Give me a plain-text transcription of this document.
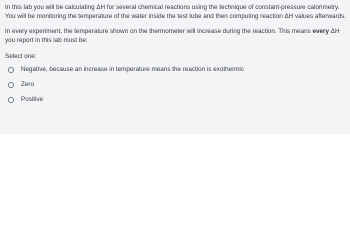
In this lab you will be calculating ΔH for several chemical reactions using the technique of constant-pressure calorimetry. You will be monitoring the temperature of the water inside the test tube and then computing reaction ΔH values afterwards.

In every experiment, the temperature shown on the thermometer will increase during the reaction. This means every ΔH you report in this lab must be:

Select one:
Negative, because an increase in temperature means the reaction is exothermic
Zero
Positive
